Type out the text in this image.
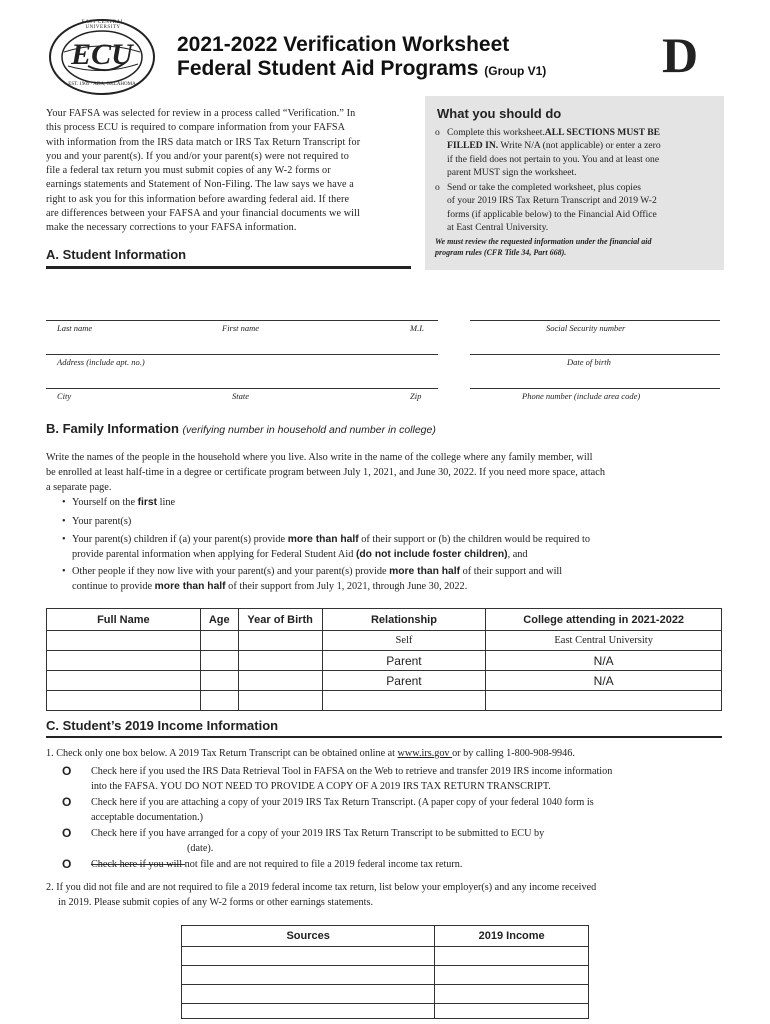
EAST CENTRAL UNIVERSITY
ECU
EST. 1909 · ADA, OKLAHOMA
2021-2022 Verification Worksheet
Federal Student Aid Programs (Group V1) D
Your FAFSA was selected for review in a process called “Verification.” In
this process ECU is required to compare information from your FAFSA
with information from the IRS data match or IRS Tax Return Transcript for
you and your parent(s). If you and/or your parent(s) were not required to
file a federal tax return you must submit copies of any W-2 forms or
earnings statements and Statement of Non-Filing. The law says we have a
right to ask you for this information before awarding federal aid. If there
are differences between your FAFSA and your financial documents we will
make the necessary corrections to your FAFSA information.
What you should do
o Complete this worksheet.ALL SECTIONS MUST BE
FILLED IN. Write N/A (not applicable) or enter a zero
if the field does not pertain to you. You and at least one
parent MUST sign the worksheet.
o Send or take the completed worksheet, plus copies
of your 2019 IRS Tax Return Transcript and 2019 W-2
forms (if applicable below) to the Financial Aid Office
at East Central University.
We must review the requested information under the financial aid
program rules (CFR Title 34, Part 668).
A. Student Information
Last name	First name	M.I.	Social Security number
Address (include apt. no.)	Date of birth
City	State	Zip	Phone number (include area code)
B. Family Information (verifying number in household and number in college)
Write the names of the people in the household where you live. Also write in the name of the college where any family member, will
be enrolled at least half-time in a degree or certificate program between July 1, 2021, and June 30, 2022. If you need more space, attach
a separate page.
• Yourself on the first line
• Your parent(s)
• Your parent(s) children if (a) your parent(s) provide more than half of their support or (b) the children would be required to
provide parental information when applying for Federal Student Aid (do not include foster children), and
• Other people if they now live with your parent(s) and your parent(s) provide more than half of their support and will
continue to provide more than half of their support from July 1, 2021, through June 30, 2022.
Full Name	Age	Year of Birth	Relationship	College attending in 2021-2022
			Self	East Central University
			Parent	N/A
			Parent	N/A

C. Student’s 2019 Income Information
1. Check only one box below. A 2019 Tax Return Transcript can be obtained online at www.irs.gov or by calling 1-800-908-9946.
O Check here if you used the IRS Data Retrieval Tool in FAFSA on the Web to retrieve and transfer 2019 IRS income information
into the FAFSA. YOU DO NOT NEED TO PROVIDE A COPY OF A 2019 IRS TAX RETURN TRANSCRIPT.
O Check here if you are attaching a copy of your 2019 IRS Tax Return Transcript. (A paper copy of your federal 1040 form is
acceptable documentation.)
O Check here if you have arranged for a copy of your 2019 IRS Tax Return Transcript to be submitted to ECU by
(date).
O Check here if you will not file and are not required to file a 2019 federal income tax return.
2. If you did not file and are not required to file a 2019 federal income tax return, list below your employer(s) and any income received
in 2019. Please submit copies of any W-2 forms or other earnings statements.
Sources	2019 Income
